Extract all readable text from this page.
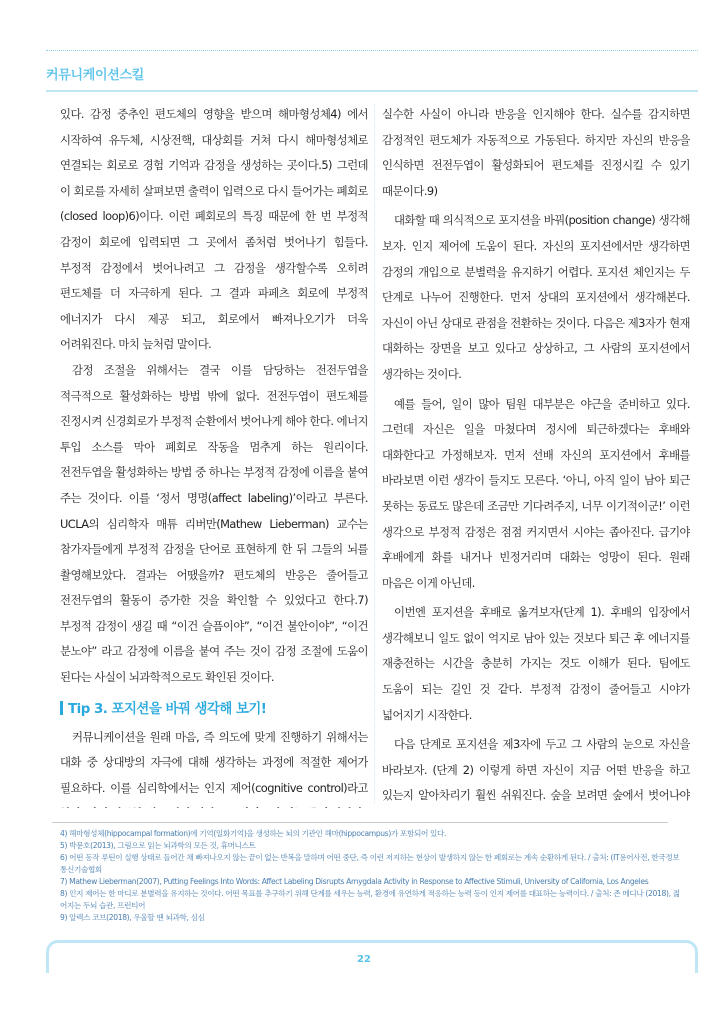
커뮤니케이션스킬

있다. 감정 중추인 편도체의 영향을 받으며 해마형성체4) 에서 시작하여 유두체, 시상전핵, 대상회를 거쳐 다시 해마형성체로 연결되는 회로로 경험 기억과 감정을 생성하는 곳이다.5) 그런데 이 회로를 자세히 살펴보면 출력이 입력으로 다시 들어가는 폐회로(closed loop)6)이다. 이런 폐회로의 특징 때문에 한 번 부정적 감정이 회로에 입력되면 그 곳에서 좀처럼 벗어나기 힘들다. 부정적 감정에서 벗어나려고 그 감정을 생각할수록 오히려 편도체를 더 자극하게 된다. 그 결과 파페츠 회로에 부정적 에너지가 다시 제공 되고, 회로에서 빠져나오기가 더욱 어려워진다. 마치 늪처럼 말이다.

감정 조절을 위해서는 결국 이를 담당하는 전전두엽을 적극적으로 활성화하는 방법 밖에 없다. 전전두엽이 편도체를 진정시켜 신경회로가 부정적 순환에서 벗어나게 해야 한다. 에너지 투입 소스를 막아 폐회로 작동을 멈추게 하는 원리이다. 전전두엽을 활성화하는 방법 중 하나는 부정적 감정에 이름을 붙여 주는 것이다. 이를 ‘정서 명명(affect labeling)’이라고 부른다. UCLA의 심리학자 매튜 리버만(Mathew Lieberman) 교수는 참가자들에게 부정적 감정을 단어로 표현하게 한 뒤 그들의 뇌를 촬영해보았다. 결과는 어땠을까? 편도체의 반응은 줄어들고 전전두엽의 활동이 증가한 것을 확인할 수 있었다고 한다.7) 부정적 감정이 생길 때 “이건 슬픔이야”, “이건 불안이야”, “이건 분노야” 라고 감정에 이름을 붙여 주는 것이 감정 조절에 도움이 된다는 사실이 뇌과학적으로도 확인된 것이다.

Tip 3. 포지션을 바꿔 생각해 보기!

커뮤니케이션을 원래 마음, 즉 의도에 맞게 진행하기 위해서는 대화 중 상대방의 자극에 대해 생각하는 과정에 적절한 제어가 필요하다. 이를 심리학에서는 인지 제어(cognitive control)라고

실수한 사실이 아니라 반응을 인지해야 한다. 실수를 감지하면 감정적인 편도체가 자동적으로 가동된다. 하지만 자신의 반응을 인식하면 전전두엽이 활성화되어 편도체를 진정시킬 수 있기 때문이다.9)

대화할 때 의식적으로 포지션을 바꿔(position change) 생각해 보자. 인지 제어에 도움이 된다. 자신의 포지션에서만 생각하면 감정의 개입으로 분별력을 유지하기 어렵다. 포지션 체인지는 두 단계로 나누어 진행한다. 먼저 상대의 포지션에서 생각해본다. 자신이 아닌 상대로 관점을 전환하는 것이다. 다음은 제3자가 현재 대화하는 장면을 보고 있다고 상상하고, 그 사람의 포지션에서 생각하는 것이다.

예를 들어, 일이 많아 팀원 대부분은 야근을 준비하고 있다. 그런데 자신은 일을 마쳤다며 정시에 퇴근하겠다는 후배와 대화한다고 가정해보자. 먼저 선배 자신의 포지션에서 후배를 바라보면 이런 생각이 들지도 모른다. ‘아니, 아직 일이 남아 퇴근 못하는 동료도 많은데 조금만 기다려주지, 너무 이기적이군!’ 이런 생각으로 부정적 감정은 점점 커지면서 시야는 좁아진다. 급기야 후배에게 화를 내거나 빈정거리며 대화는 엉망이 된다. 원래 마음은 이게 아닌데.

이번엔 포지션을 후배로 옮겨보자(단계 1). 후배의 입장에서 생각해보니 일도 없이 억지로 남아 있는 것보다 퇴근 후 에너지를 재충전하는 시간을 충분히 가지는 것도 이해가 된다. 팀에도 도움이 되는 길인 것 같다. 부정적 감정이 줄어들고 시야가 넓어지기 시작한다.

다음 단계로 포지션을 제3자에 두고 그 사람의 눈으로 자신을 바라보자. (단계 2) 이렇게 하면 자신이 지금 어떤 반응을 하고 있는지 알아차리기 훨씬 쉬워진다. 숲을 보려면 숲에서 벗어나야

4) 해마형성체(hippocampal formation)에 기억(일화기억)을 생성하는 뇌의 기관인 해마(hippocampus)가 포함되어 있다.
5) 박문호(2013), 그림으로 읽는 뇌과학의 모든 것, 휴머니스트
6) 어떤 동작 루틴이 실행 상태로 들어간 채 빠져나오지 않는 끝이 없는 반복을 말하며 어떤 중단, 즉 이런 저지하는 현상이 발생하지 않는 한 폐회로는 계속 순환하게 된다. / 출처: (IT용어사전, 한국정보통신기술협회
7) Mathew Lieberman(2007), Putting Feelings Into Words: Affect Labeling Disrupts Amygdala Activity in Response to Affective Stimuli, University of California, Los Angeles
8) 인지 제어는 한 마디로 분별력을 유지하는 것이다. 어떤 목표를 추구하기 위해 단계를 세우는 능력, 환경에 유연하게 적응하는 능력 등이 인지 제어를 대표하는 능력이다. / 출처: 존 메디나 (2018), 젊어지는 두뇌 습관, 프런티어
9) 알렉스 코브(2018), 우울할 땐 뇌과학, 심심
22
